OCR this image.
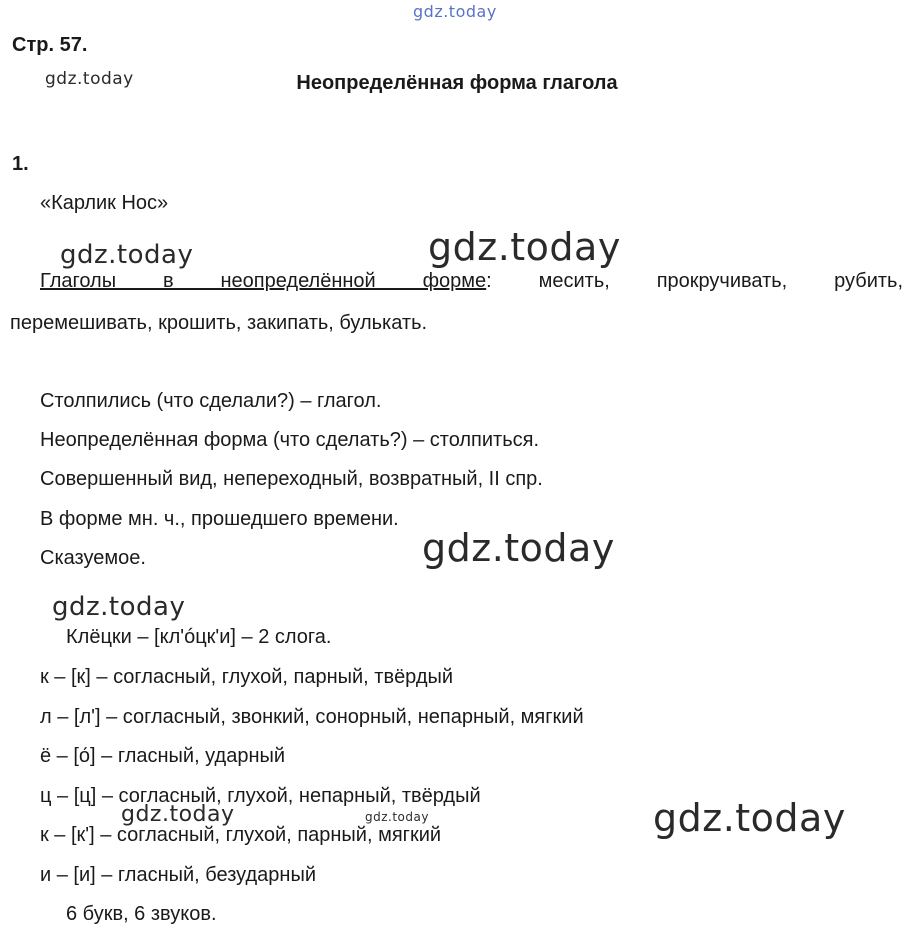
gdz.today
gdz.today
gdz.today	gdz.today
gdz.today
gdz.today
gdz.today
gdz.today	gdz.today
Стр. 57.
Неопределённая форма глагола
1.
«Карлик Нос»
Глаголы в неопределённой форме: месить, прокручивать, рубить,
перемешивать, крошить, закипать, булькать.
Столпились (что сделали?) – глагол.
Неопределённая форма (что сделать?) – столпиться.
Совершенный вид, непереходный, возвратный, II спр.
В форме мн. ч., прошедшего времени.
Сказуемое.
Клёцки – [кл'óцк'и] – 2 слога.
к – [к] – согласный, глухой, парный, твёрдый
л – [л'] – согласный, звонкий, сонорный, непарный, мягкий
ё – [о́] – гласный, ударный
ц – [ц] – согласный, глухой, непарный, твёрдый
к – [к'] – согласный, глухой, парный, мягкий
и – [и] – гласный, безударный
6 букв, 6 звуков.
